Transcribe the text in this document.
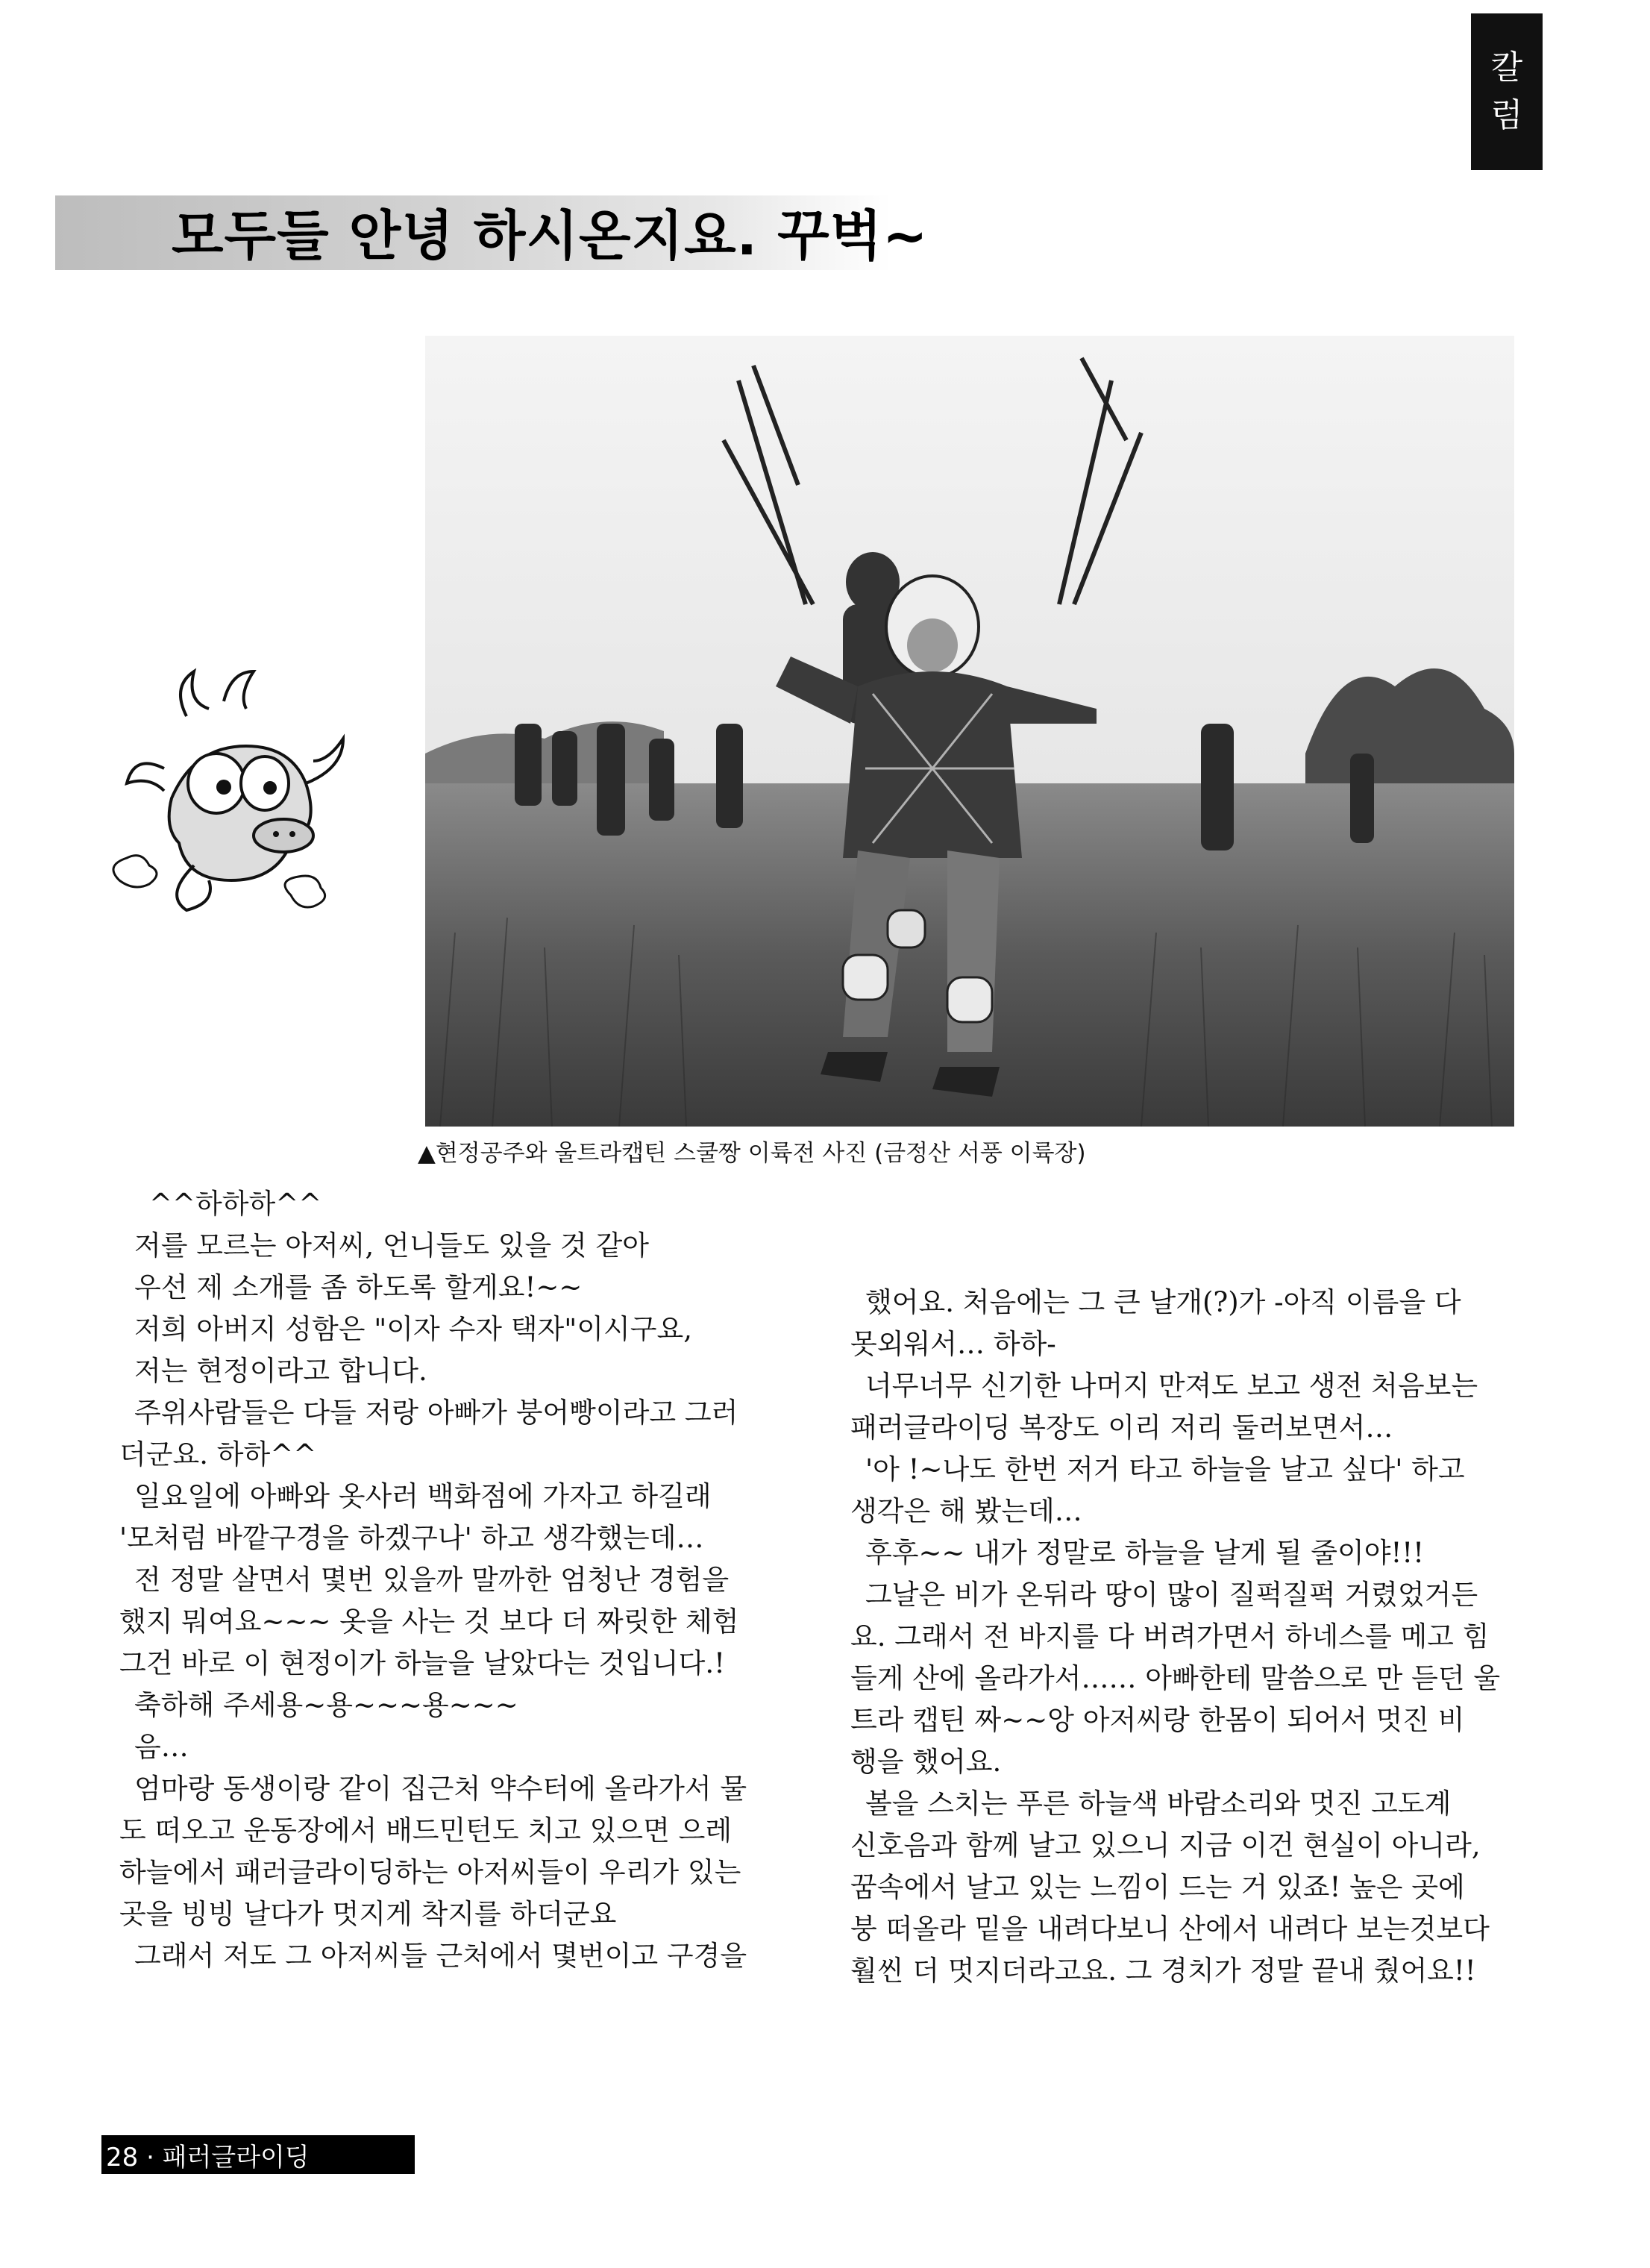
칼
럼
모두들 안녕 하시온지요. 꾸벅~
▲현정공주와 울트라캡틴 스쿨짱 이륙전 사진 (금정산 서풍 이륙장)

^^하하하^^

저를 모르는 아저씨, 언니들도 있을 것 같아

우선 제 소개를 좀 하도록 할게요!~~

저희 아버지 성함은 "이자 수자 택자"이시구요,

저는 현정이라고 합니다.

주위사람들은 다들 저랑 아빠가 붕어빵이라고 그러

더군요. 하하^^

일요일에 아빠와 옷사러 백화점에 가자고 하길래

'모처럼 바깥구경을 하겠구나' 하고 생각했는데…

전 정말 살면서 몇번 있을까 말까한 엄청난 경험을

했지 뭐여요~~~ 옷을 사는 것 보다 더 짜릿한 체험

그건 바로 이 현정이가 하늘을 날았다는 것입니다.!

축하해 주세용~용~~~용~~~

음…

엄마랑 동생이랑 같이 집근처 약수터에 올라가서 물

도 떠오고 운동장에서 배드민턴도 치고 있으면 으레

하늘에서 패러글라이딩하는 아저씨들이 우리가 있는

곳을 빙빙 날다가 멋지게 착지를 하더군요

그래서 저도 그 아저씨들 근처에서 몇번이고 구경을

했어요. 처음에는 그 큰 날개(?)가 -아직 이름을 다

못외워서… 하하-

너무너무 신기한 나머지 만져도 보고 생전 처음보는

패러글라이딩 복장도 이리 저리 둘러보면서…

'아 !~나도 한번 저거 타고 하늘을 날고 싶다' 하고

생각은 해 봤는데…

후후~~ 내가 정말로 하늘을 날게 될 줄이야!!!

그날은 비가 온뒤라 땅이 많이 질퍽질퍽 거렸었거든

요. 그래서 전 바지를 다 버려가면서 하네스를 메고 힘

들게 산에 올라가서…… 아빠한테 말씀으로 만 듣던 울

트라 캡틴 짜~~앙 아저씨랑 한몸이 되어서 멋진 비

행을 했어요.

볼을 스치는 푸른 하늘색 바람소리와 멋진 고도계

신호음과 함께 날고 있으니 지금 이건 현실이 아니라,

꿈속에서 날고 있는 느낌이 드는 거 있죠! 높은 곳에

붕 떠올라 밑을 내려다보니 산에서 내려다 보는것보다

훨씬 더 멋지더라고요. 그 경치가 정말 끝내 줬어요!!

28 · 패러글라이딩
